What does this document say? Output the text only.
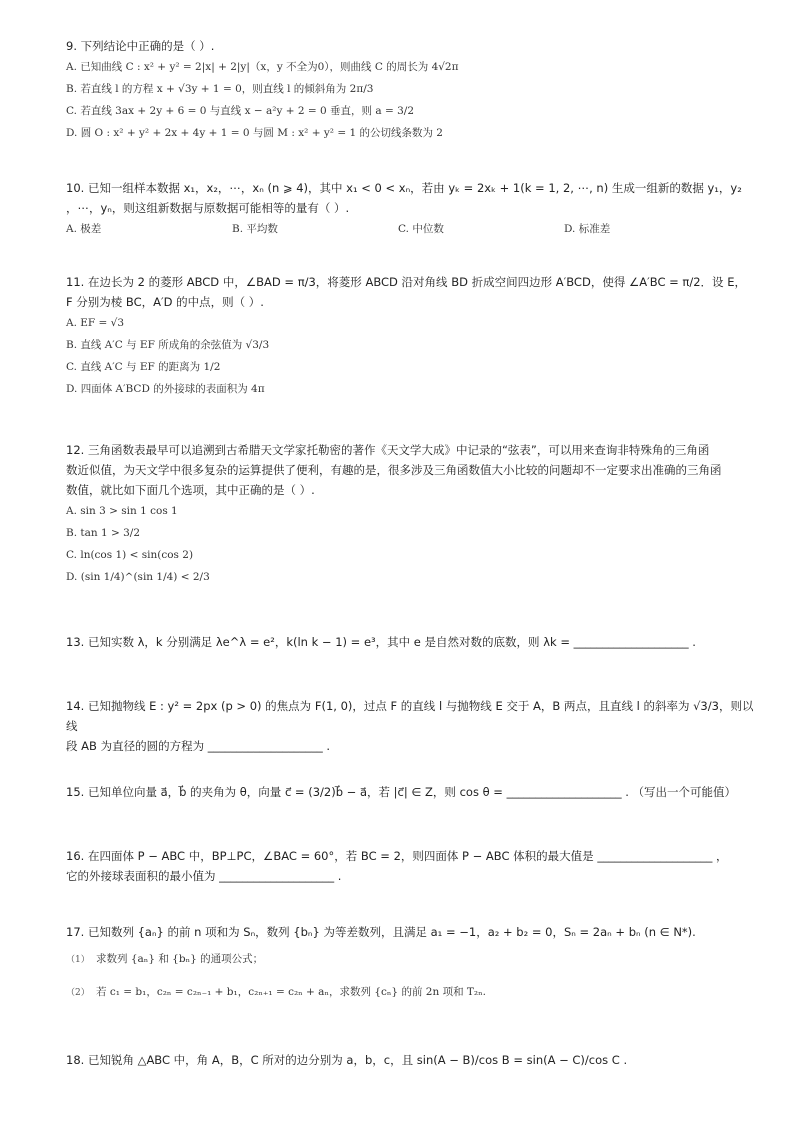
9. 下列结论中正确的是（ ）.
A. 已知曲线 C : x² + y² = 2|x| + 2|y|（x，y 不全为0），则曲线 C 的周长为 4√2π
B. 若直线 l 的方程 x + √3y + 1 = 0，则直线 l 的倾斜角为 2π/3
C. 若直线 3ax + 2y + 6 = 0 与直线 x − a²y + 2 = 0 垂直，则 a = 3/2
D. 圆 O : x² + y² + 2x + 4y + 1 = 0 与圆 M : x² + y² = 1 的公切线条数为 2
10. 已知一组样本数据 x₁，x₂，⋯，xₙ (n ⩾ 4)，其中 x₁ < 0 < xₙ，若由 yₖ = 2xₖ + 1(k = 1, 2, ⋯, n) 生成一组新的数据 y₁，y₂
，⋯，yₙ，则这组新数据与原数据可能相等的量有（ ）.
A. 极差	B. 平均数	C. 中位数	D. 标准差
11. 在边长为 2 的菱形 ABCD 中，∠BAD = π/3，将菱形 ABCD 沿对角线 BD 折成空间四边形 A′BCD，使得 ∠A′BC = π/2．设 E，
F 分别为棱 BC，A′D 的中点，则（ ）.
A. EF = √3
B. 直线 A′C 与 EF 所成角的余弦值为 √3/3
C. 直线 A′C 与 EF 的距离为 1/2
D. 四面体 A′BCD 的外接球的表面积为 4π
12. 三角函数表最早可以追溯到古希腊天文学家托勒密的著作《天文学大成》中记录的“弦表”，可以用来查询非特殊角的三角函
数近似值，为天文学中很多复杂的运算提供了便利，有趣的是，很多涉及三角函数值大小比较的问题却不一定要求出准确的三角函
数值，就比如下面几个选项，其中正确的是（ ）.
A. sin 3 > sin 1 cos 1
B. tan 1 > 3/2
C. ln(cos 1) < sin(cos 2)
D. (sin 1/4)^(sin 1/4) < 2/3
13. 已知实数 λ，k 分别满足 λe^λ = e²，k(ln k − 1) = e³，其中 e 是自然对数的底数，则 λk = ____________________ .
14. 已知抛物线 E : y² = 2px (p > 0) 的焦点为 F(1, 0)，过点 F 的直线 l 与抛物线 E 交于 A，B 两点，且直线 l 的斜率为 √3/3，则以线
段 AB 为直径的圆的方程为 ____________________ .
15. 已知单位向量 a⃗，b⃗ 的夹角为 θ，向量 c⃗ = (3/2)b⃗ − a⃗，若 |c⃗| ∈ Z，则 cos θ = ____________________ . （写出一个可能值）
16. 在四面体 P − ABC 中，BP⊥PC，∠BAC = 60°，若 BC = 2，则四面体 P − ABC 体积的最大值是 ____________________ ，
它的外接球表面积的最小值为 ____________________ .
17. 已知数列 {aₙ} 的前 n 项和为 Sₙ，数列 {bₙ} 为等差数列，且满足 a₁ = −1，a₂ + b₂ = 0，Sₙ = 2aₙ + bₙ (n ∈ N*).
（1） 求数列 {aₙ} 和 {bₙ} 的通项公式；
（2） 若 c₁ = b₁，c₂ₙ = c₂ₙ₋₁ + b₁，c₂ₙ₊₁ = c₂ₙ + aₙ，求数列 {cₙ} 的前 2n 项和 T₂ₙ.
18. 已知锐角 △ABC 中，角 A，B，C 所对的边分别为 a，b，c，且 sin(A − B)/cos B = sin(A − C)/cos C .
